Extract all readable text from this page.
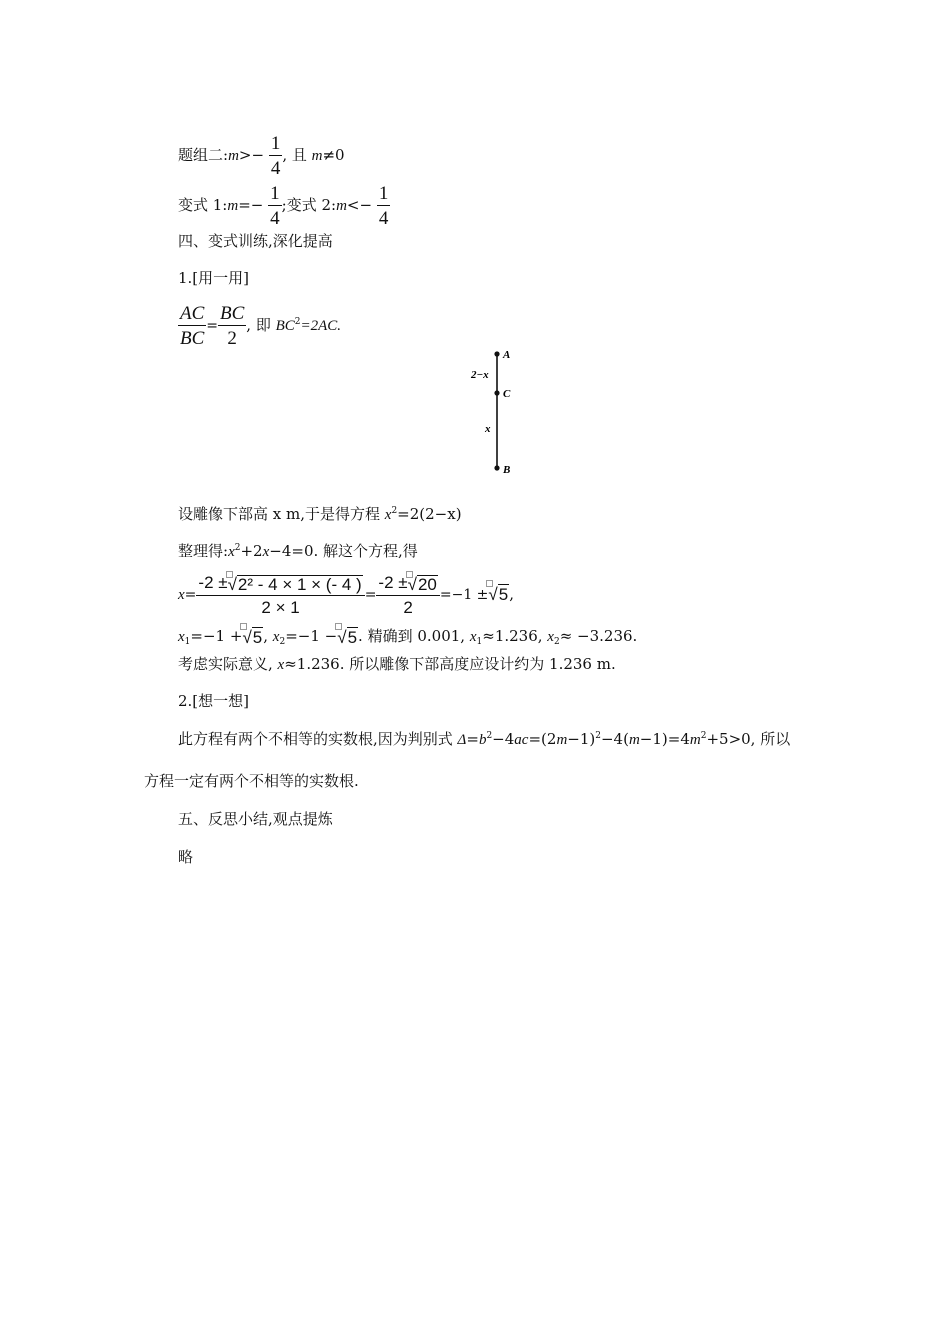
题组二:m>− $\frac{1}{4}$ , 且 m≠0
变式 1:m=− $\frac{1}{4}$ ;变式 2:m<− $\frac{1}{4}$
四、变式训练,深化提高
1.[用一用]
$\frac{AC}{BC} = \frac{BC}{2}$ , 即 $BC^2=2AC$.
A
C
B
2−x
x
设雕像下部高 x m,于是得方程 $x^2=2(2-x)$
整理得$:x^2+2x-4=0$. 解这个方程,得
$x= \frac{\text{-2 ± √ 2² - 4 × 1 × (- 4 )}}{2 \times 1} = \frac{-2 \pm √ 20}{2} =-1$ ± √ 5 ,
$x_1=-1$ + √ 5 , $x_2=-1$ − √ 5 . 精确到 0.001, $x_1\approx 1.236$, $x_2\approx -3.236$.
考虑实际意义, x≈1.236. 所以雕像下部高度应设计约为 1.236 m.
2.[想一想]
此方程有两个不相等的实数根,因为判别式 $\Delta=b^2-4ac=(2m-1)^2-4(m-1)=4m^2+5>0$, 所以
方程一定有两个不相等的实数根.
五、反思小结,观点提炼
略
